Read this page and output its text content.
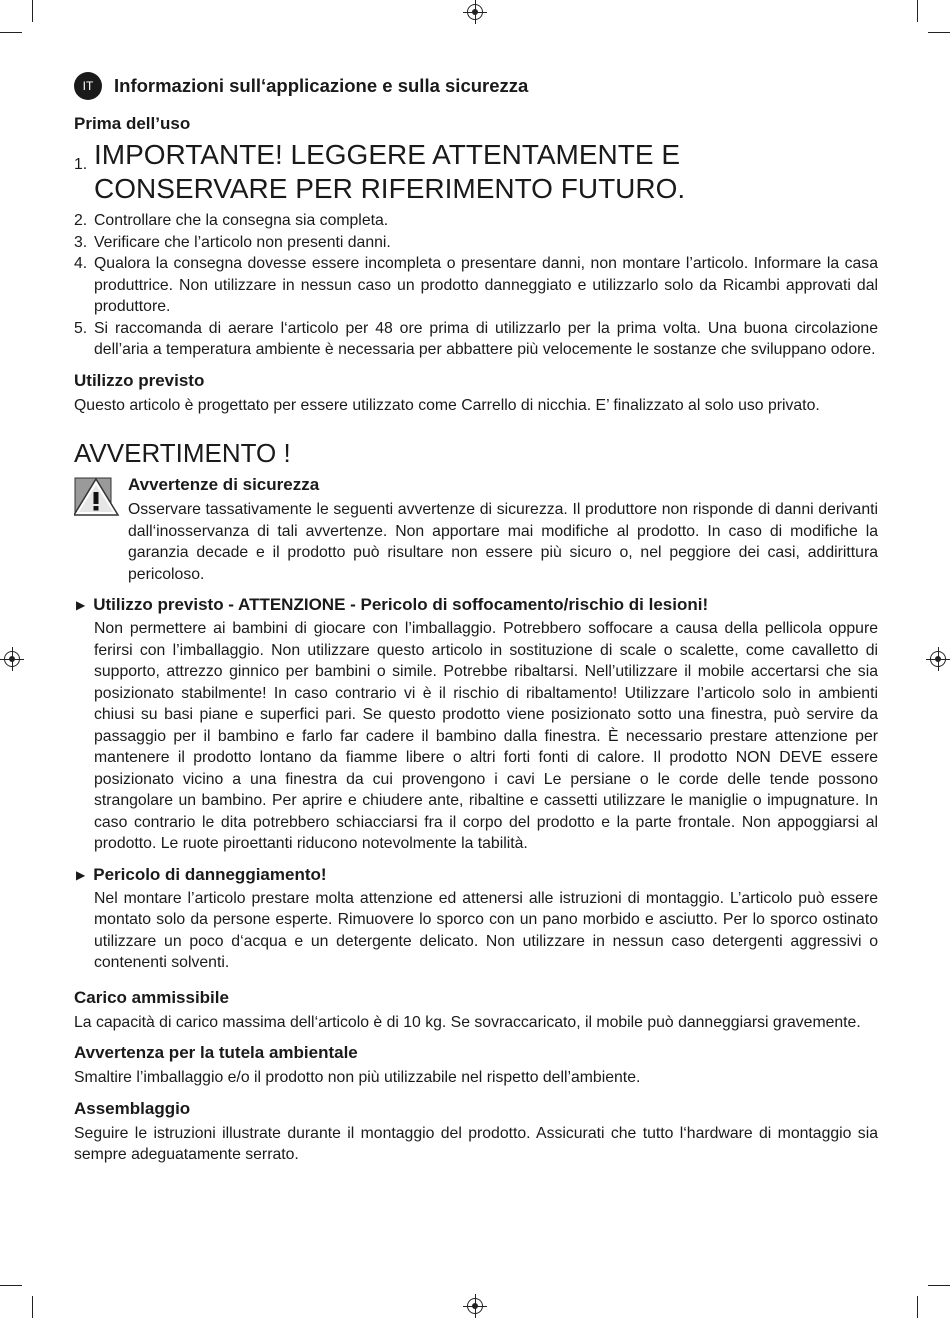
IT	Informazioni sull‘applicazione e sulla sicurezza
Prima dell’uso
1. IMPORTANTE! LEGGERE ATTENTAMENTE E CONSERVARE PER RIFERIMENTO FUTURO.
2. Controllare che la consegna sia completa.
3. Verificare che l’articolo non presenti danni.
4. Qualora la consegna dovesse essere incompleta o presentare danni, non montare l’articolo. Informare la casa produttrice. Non utilizzare in nessun caso un prodotto danneggiato e utilizzarlo solo da Ricambi approvati dal produttore.
5. Si raccomanda di aerare l‘articolo per 48 ore prima di utilizzarlo per la prima volta. Una buona circolazione dell’aria a temperatura ambiente è necessaria per abbattere più velocemente le sostanze che sviluppano odore.
Utilizzo previsto

Questo articolo è progettato per essere utilizzato come Carrello di nicchia. E’ finalizzato al solo uso privato.

AVVERTIMENTO !
Avvertenze di sicurezza

Osservare tassativamente le seguenti avvertenze di sicurezza. Il produttore non risponde di danni derivanti dall‘inosservanza di tali avvertenze. Non apportare mai modifiche al prodotto. In caso di modifiche la garanzia decade e il prodotto può risultare non essere più sicuro o, nel peggiore dei casi, addirittura pericoloso.

▶ Utilizzo previsto - ATTENZIONE - Pericolo di soffocamento/rischio di lesioni!

Non permettere ai bambini di giocare con l’imballaggio. Potrebbero soffocare a causa della pellicola oppure ferirsi con l’imballaggio. Non utilizzare questo articolo in sostituzione di scale o scalette, come cavalletto di supporto, attrezzo ginnico per bambini o simile. Potrebbe ribaltarsi. Nell’utilizzare il mobile accertarsi che sia posizionato stabilmente! In caso contrario vi è il rischio di ribaltamento! Utilizzare l’articolo solo in ambienti chiusi su basi piane e superfici pari. Se questo prodotto viene posizionato sotto una finestra, può servire da passaggio per il bambino e farlo far cadere il bambino dalla finestra. È necessario prestare attenzione per mantenere il prodotto lontano da fiamme libere o altri forti fonti di calore. Il prodotto NON DEVE essere posizionato vicino a una finestra da cui provengono i cavi Le persiane o le corde delle tende possono strangolare un bambino. Per aprire e chiudere ante, ribaltine e cassetti utilizzare le maniglie o impugnature. In caso contrario le dita potrebbero schiacciarsi fra il corpo del prodotto e la parte frontale. Non appoggiarsi al prodotto. Le ruote piroettanti riducono notevolmente la tabilità.

▶ Pericolo di danneggiamento!

Nel montare l’articolo prestare molta attenzione ed attenersi alle istruzioni di montaggio. L’articolo può essere montato solo da persone esperte. Rimuovere lo sporco con un pano morbido e asciutto. Per lo sporco ostinato utilizzare un poco d‘acqua e un detergente delicato. Non utilizzare in nessun caso detergenti aggressivi o contenenti solventi.

Carico ammissibile

La capacità di carico massima dell‘articolo è di 10 kg. Se sovraccaricato, il mobile può danneggiarsi gravemente.

Avvertenza per la tutela ambientale

Smaltire l’imballaggio e/o il prodotto non più utilizzabile nel rispetto dell’ambiente.

Assemblaggio

Seguire le istruzioni illustrate durante il montaggio del prodotto. Assicurati che tutto l‘hardware di montaggio sia sempre adeguatamente serrato.
